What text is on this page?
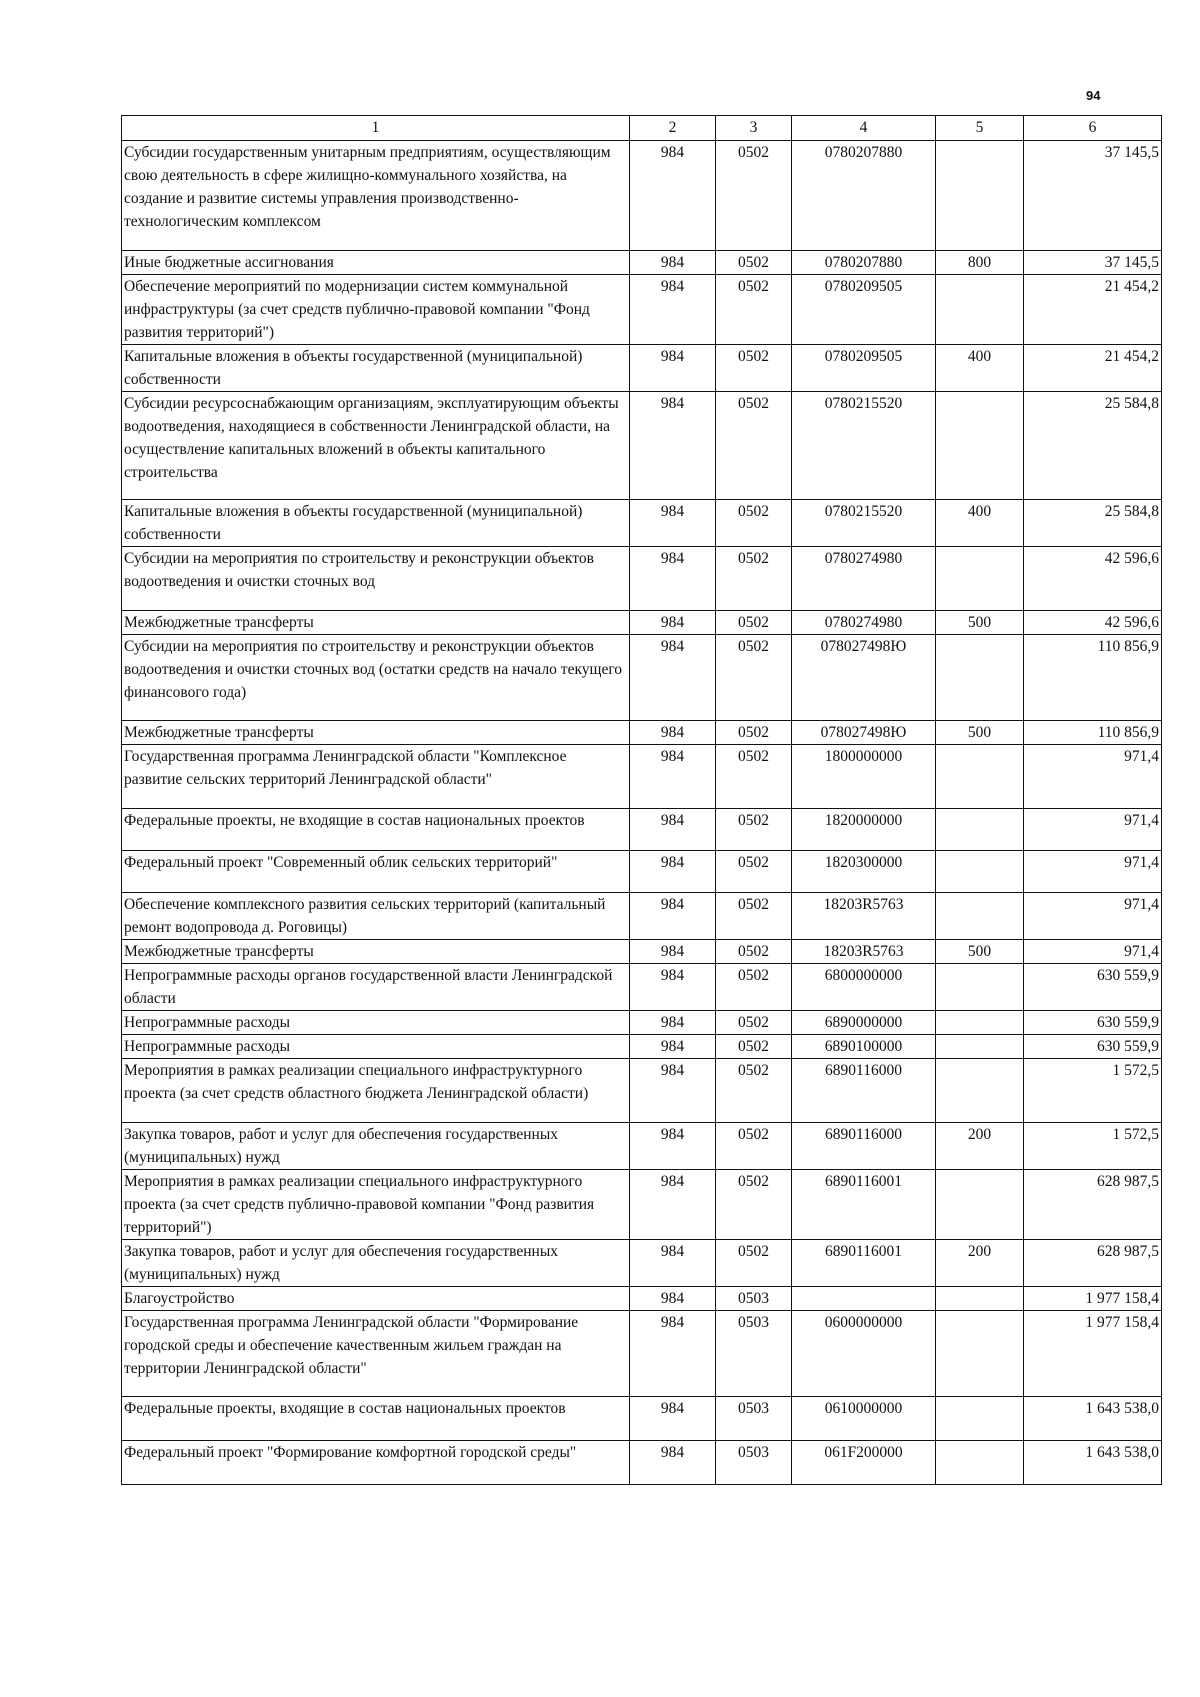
94
1	2	3	4	5	6
Субсидии государственным унитарным предприятиям, осуществляющим свою деятельность в сфере жилищно-коммунального хозяйства, на создание и развитие системы управления производственно-технологическим комплексом	984	0502	0780207880		37 145,5
Иные бюджетные ассигнования	984	0502	0780207880	800	37 145,5
Обеспечение мероприятий по модернизации систем коммунальной инфраструктуры (за счет средств публично-правовой компании "Фонд развития территорий")	984	0502	0780209505		21 454,2
Капитальные вложения в объекты государственной (муниципальной) собственности	984	0502	0780209505	400	21 454,2
Субсидии ресурсоснабжающим организациям, эксплуатирующим объекты водоотведения, находящиеся в собственности Ленинградской области, на осуществление капитальных вложений в объекты капитального строительства	984	0502	0780215520		25 584,8
Капитальные вложения в объекты государственной (муниципальной) собственности	984	0502	0780215520	400	25 584,8
Субсидии на мероприятия по строительству и реконструкции объектов водоотведения и очистки сточных вод	984	0502	0780274980		42 596,6
Межбюджетные трансферты	984	0502	0780274980	500	42 596,6
Субсидии на мероприятия по строительству и реконструкции объектов водоотведения и очистки сточных вод (остатки средств на начало текущего финансового года)	984	0502	078027498Ю		110 856,9
Межбюджетные трансферты	984	0502	078027498Ю	500	110 856,9
Государственная программа Ленинградской области "Комплексное развитие сельских территорий Ленинградской области"	984	0502	1800000000		971,4
Федеральные проекты, не входящие в состав национальных проектов	984	0502	1820000000		971,4
Федеральный проект "Современный облик сельских территорий"	984	0502	1820300000		971,4
Обеспечение комплексного развития сельских территорий (капитальный ремонт водопровода д. Роговицы)	984	0502	18203R5763		971,4
Межбюджетные трансферты	984	0502	18203R5763	500	971,4
Непрограммные расходы органов государственной власти Ленинградской области	984	0502	6800000000		630 559,9
Непрограммные расходы	984	0502	6890000000		630 559,9
Непрограммные расходы	984	0502	6890100000		630 559,9
Мероприятия в рамках реализации специального инфраструктурного проекта (за счет средств областного бюджета Ленинградской области)	984	0502	6890116000		1 572,5
Закупка товаров, работ и услуг для обеспечения государственных (муниципальных) нужд	984	0502	6890116000	200	1 572,5
Мероприятия в рамках реализации специального инфраструктурного проекта (за счет средств публично-правовой компании "Фонд развития территорий")	984	0502	6890116001		628 987,5
Закупка товаров, работ и услуг для обеспечения государственных (муниципальных) нужд	984	0502	6890116001	200	628 987,5
Благоустройство	984	0503			1 977 158,4
Государственная программа Ленинградской области "Формирование городской среды и обеспечение качественным жильем граждан на территории Ленинградской области"	984	0503	0600000000		1 977 158,4
Федеральные проекты, входящие в состав национальных проектов	984	0503	0610000000		1 643 538,0
Федеральный проект "Формирование комфортной городской среды"	984	0503	061F200000		1 643 538,0
